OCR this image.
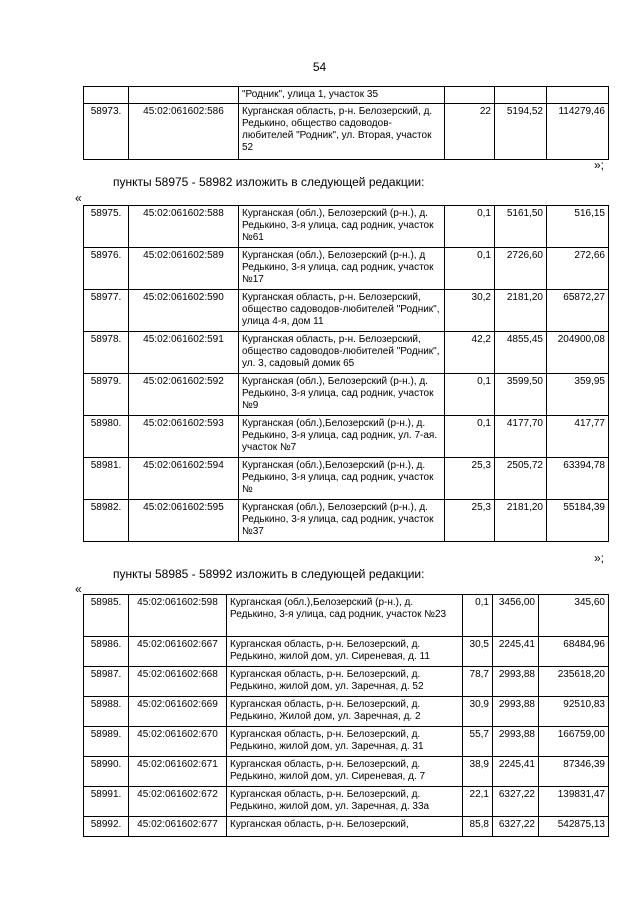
54
		"Родник", улица 1, участок 35			
58973.	45:02:061602:586	Курганская область, р-н. Белозерский, д. Редькино, общество садоводов-любителей "Родник", ул. Вторая, участок 52	22	5194,52	114279,46
»;
пункты 58975 - 58982 изложить в следующей редакции:
«
58975.	45:02:061602:588	Курганская (обл.), Белозерский (р-н.), д. Редькино, 3-я улица, сад родник, участок №61	0,1	5161,50	516,15
58976.	45:02:061602:589	Курганская (обл.), Белозерский (р-н.), д Редькино, 3-я улица, сад родник, участок №17	0,1	2726,60	272,66
58977.	45:02:061602:590	Курганская область, р-н. Белозерский, общество садоводов-любителей "Родник", улица 4-я, дом 11	30,2	2181,20	65872,27
58978.	45:02:061602:591	Курганская область, р-н. Белозерский, общество садоводов-любителей "Родник", ул. 3, садовый домик 65	42,2	4855,45	204900,08
58979.	45:02:061602:592	Курганская (обл.), Белозерский (р-н.), д. Редькино, 3-я улица, сад родник, участок №9	0,1	3599,50	359,95
58980.	45:02:061602:593	Курганская (обл.),Белозерский (р-н.), д. Редькино, 3-я улица, сад родник, ул. 7-ая. участок №7	0,1	4177,70	417,77
58981.	45:02:061602:594	Курганская (обл.),Белозерский (р-н.), д. Редькино, 3-я улица, сад родник, участок №	25,3	2505,72	63394,78
58982.	45:02:061602:595	Курганская (обл.), Белозерский (р-н.), д. Редькино, 3-я улица, сад родник, участок №37	25,3	2181,20	55184,39
»;
пункты 58985 - 58992 изложить в следующей редакции:
«
58985.	45:02:061602:598	Курганская (обл.),Белозерский (р-н.), д. Редькино, 3-я улица, сад родник, участок №23	0,1	3456,00	345,60
58986.	45:02:061602:667	Курганская область, р-н. Белозерский, д. Редькино, жилой дом, ул. Сиреневая, д. 11	30,5	2245,41	68484,96
58987.	45:02:061602:668	Курганская область, р-н. Белозерский, д. Редькино, жилой дом, ул. Заречная, д. 52	78,7	2993,88	235618,20
58988.	45:02:061602:669	Курганская область, р-н. Белозерский, д. Редькино, Жилой дом, ул. Заречная, д. 2	30,9	2993,88	92510,83
58989.	45:02:061602:670	Курганская область, р-н. Белозерский, д. Редькино, жилой дом, ул. Заречная, д. 31	55,7	2993,88	166759,00
58990.	45:02:061602:671	Курганская область, р-н. Белозерский, д. Редькино, жилой дом, ул. Сиреневая, д. 7	38,9	2245,41	87346,39
58991.	45:02:061602:672	Курганская область, р-н. Белозерский, д. Редькино, жилой дом, ул. Заречная, д. 33а	22,1	6327,22	139831,47
58992.	45:02:061602:677	Курганская область, р-н. Белозерский,	85,8	6327,22	542875,13
